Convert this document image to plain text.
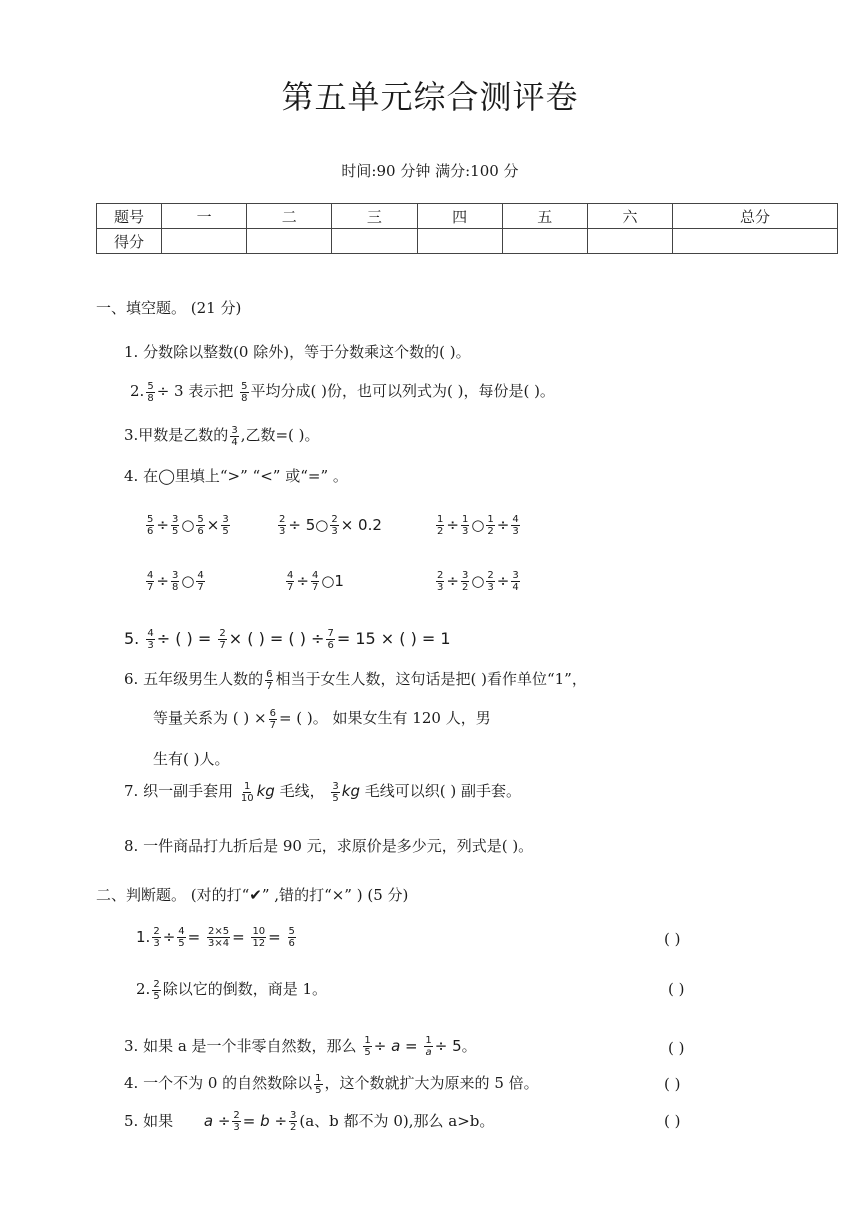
第五单元综合测评卷
时间:90 分钟 满分:100 分
题号	一	二	三	四	五	六	总分
得分							
一、填空题。 (21 分)
1. 分数除以整数(0 除外)，等于分数乘这个数的( )。
2. $\frac{5}{8} \div 3$ 表示把 $\frac{5}{8}$ 平均分成( )份，也可以列式为( )，每份是( )。
3.甲数是乙数的 $\frac{3}{4}$ ,乙数=( )。
4. 在◯里填上“>” “<” 或“=” 。
$\frac{5}{6} \div \frac{3}{5}$ ○ $\frac{5}{6} \times \frac{3}{5}$	$\frac{2}{3}$ ÷ 5○ $\frac{2}{3} \times 0.2$	$\frac{1}{2} \div \frac{1}{3}$ ○ $\frac{1}{2} \div \frac{4}{3}$
$\frac{4}{7} \div \frac{3}{8}$ ○ $\frac{4}{7}$	$\frac{4}{7} \div \frac{4}{7}$ ○1	$\frac{2}{3} \div \frac{3}{2}$ ○ $\frac{2}{3} \div \frac{3}{4}$
5. $\frac{4}{3}$ ÷ ( ) = $\frac{2}{7}$ × ( ) = ( ) ÷ $\frac{7}{6} = 15$ × ( ) = 1
6. 五年级男生人数的 $\frac{6}{7}$ 相当于女生人数，这句话是把( )看作单位“1”，
等量关系为 ( ) × $\frac{6}{7}$ = ( )。 如果女生有 120 人，男
生有( )人。
7. 织一副手套用 $\frac{1}{10}$ kg 毛线， $\frac{3}{5}$ kg 毛线可以织( ) 副手套。
8. 一件商品打九折后是 90 元，求原价是多少元，列式是( )。
二、判断题。 (对的打“✔” ,错的打“×” ) (5 分)
1. $\frac{2}{3} \div \frac{4}{5} = \frac{2\times 5}{3\times 4} = \frac{10}{12} = \frac{5}{6}$	( )
2. $\frac{2}{5}$ 除以它的倒数，商是 1。	( )
3. 如果 a 是一个非零自然数，那么 $\frac{1}{5} \div a = \frac{1}{a} \div 5$。	( )
4. 一个不为 0 的自然数除以 $\frac{1}{5}$ ，这个数就扩大为原来的 5 倍。	( )
5. 如果 $a \div \frac{2}{3} = b \div \frac{3}{2} (a$、b 都不为 0),那么 a>b。	( )
